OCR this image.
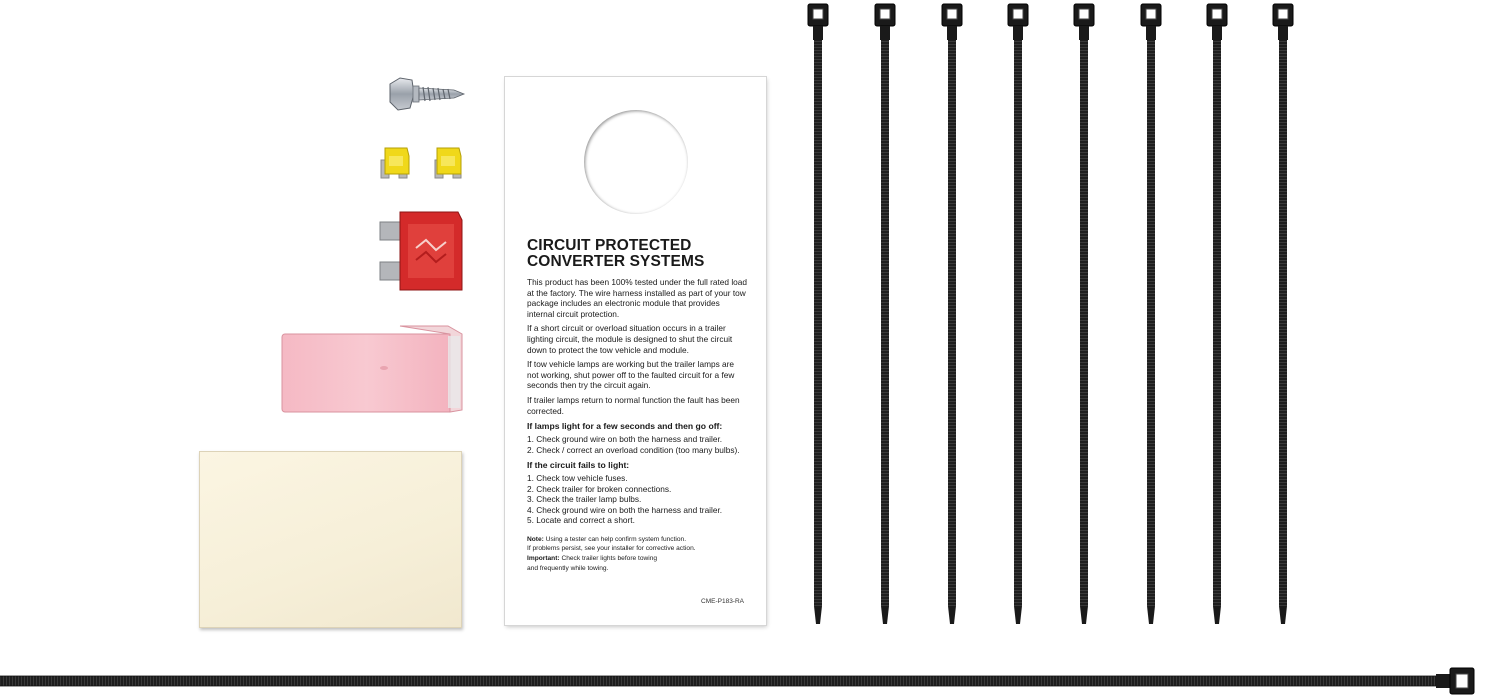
CIRCUIT PROTECTED
CONVERTER SYSTEMS

This product has been 100% tested under the full rated load at the factory. The wire harness installed as part of your tow package includes an electronic module that provides internal circuit protection.

If a short circuit or overload situation occurs in a trailer lighting circuit, the module is designed to shut the circuit down to protect the tow vehicle and module.

If tow vehicle lamps are working but the trailer lamps are not working, shut power off to the faulted circuit for a few seconds then try the circuit again.

If trailer lamps return to normal function the fault has been corrected.

If lamps light for a few seconds and then go off:

1. Check ground wire on both the harness and trailer.

2. Check / correct an overload condition (too many bulbs).

If the circuit fails to light:

1. Check tow vehicle fuses.

2. Check trailer for broken connections.

3. Check the trailer lamp bulbs.

4. Check ground wire on both the harness and trailer.

5. Locate and correct a short.

Note: Using a tester can help confirm system function.

If problems persist, see your installer for corrective action.

Important: Check trailer lights before towing

and frequently while towing.

CME-P183-RA
